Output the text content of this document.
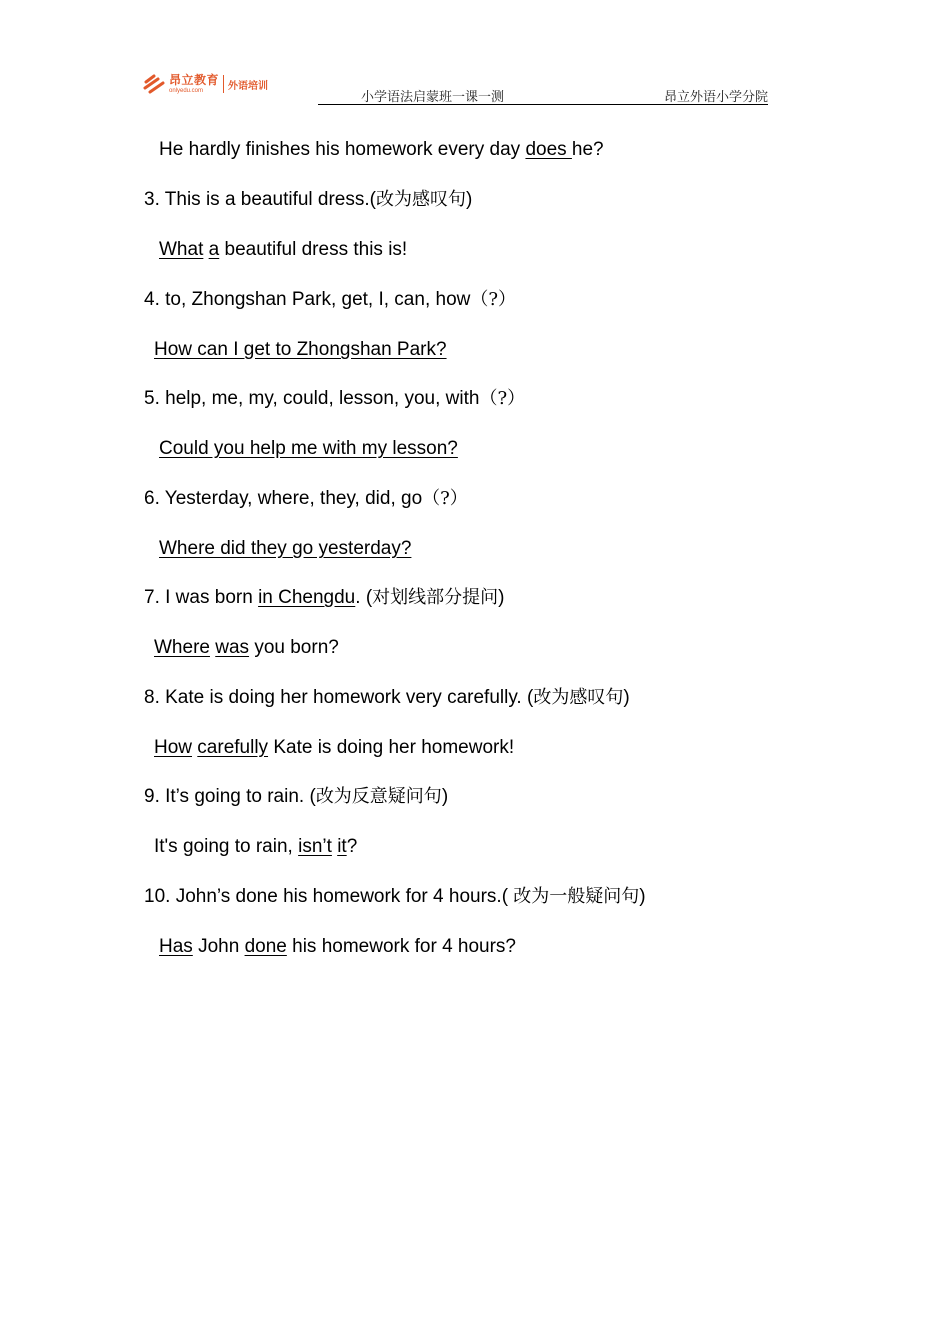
昂立教育
onlyedu.com	外语培训
小学语法启蒙班一课一测	昂立外语小学分院
He hardly finishes his homework every day does he?
3. This is a beautiful dress.(改为感叹句)
What a beautiful dress this is!
4. to, Zhongshan Park, get, I, can, how（?）
How can I get to Zhongshan Park?
5. help, me, my, could, lesson, you, with（?）
Could you help me with my lesson?
6. Yesterday, where, they, did, go（?）
Where did they go yesterday?
7. I was born in Chengdu. (对划线部分提问)
Where was you born?
8. Kate is doing her homework very carefully. (改为感叹句)
How carefully Kate is doing her homework!
9. It’s going to rain. (改为反意疑问句)
It's going to rain, isn’t it?
10. John’s done his homework for 4 hours.( 改为一般疑问句)
Has John done his homework for 4 hours?
